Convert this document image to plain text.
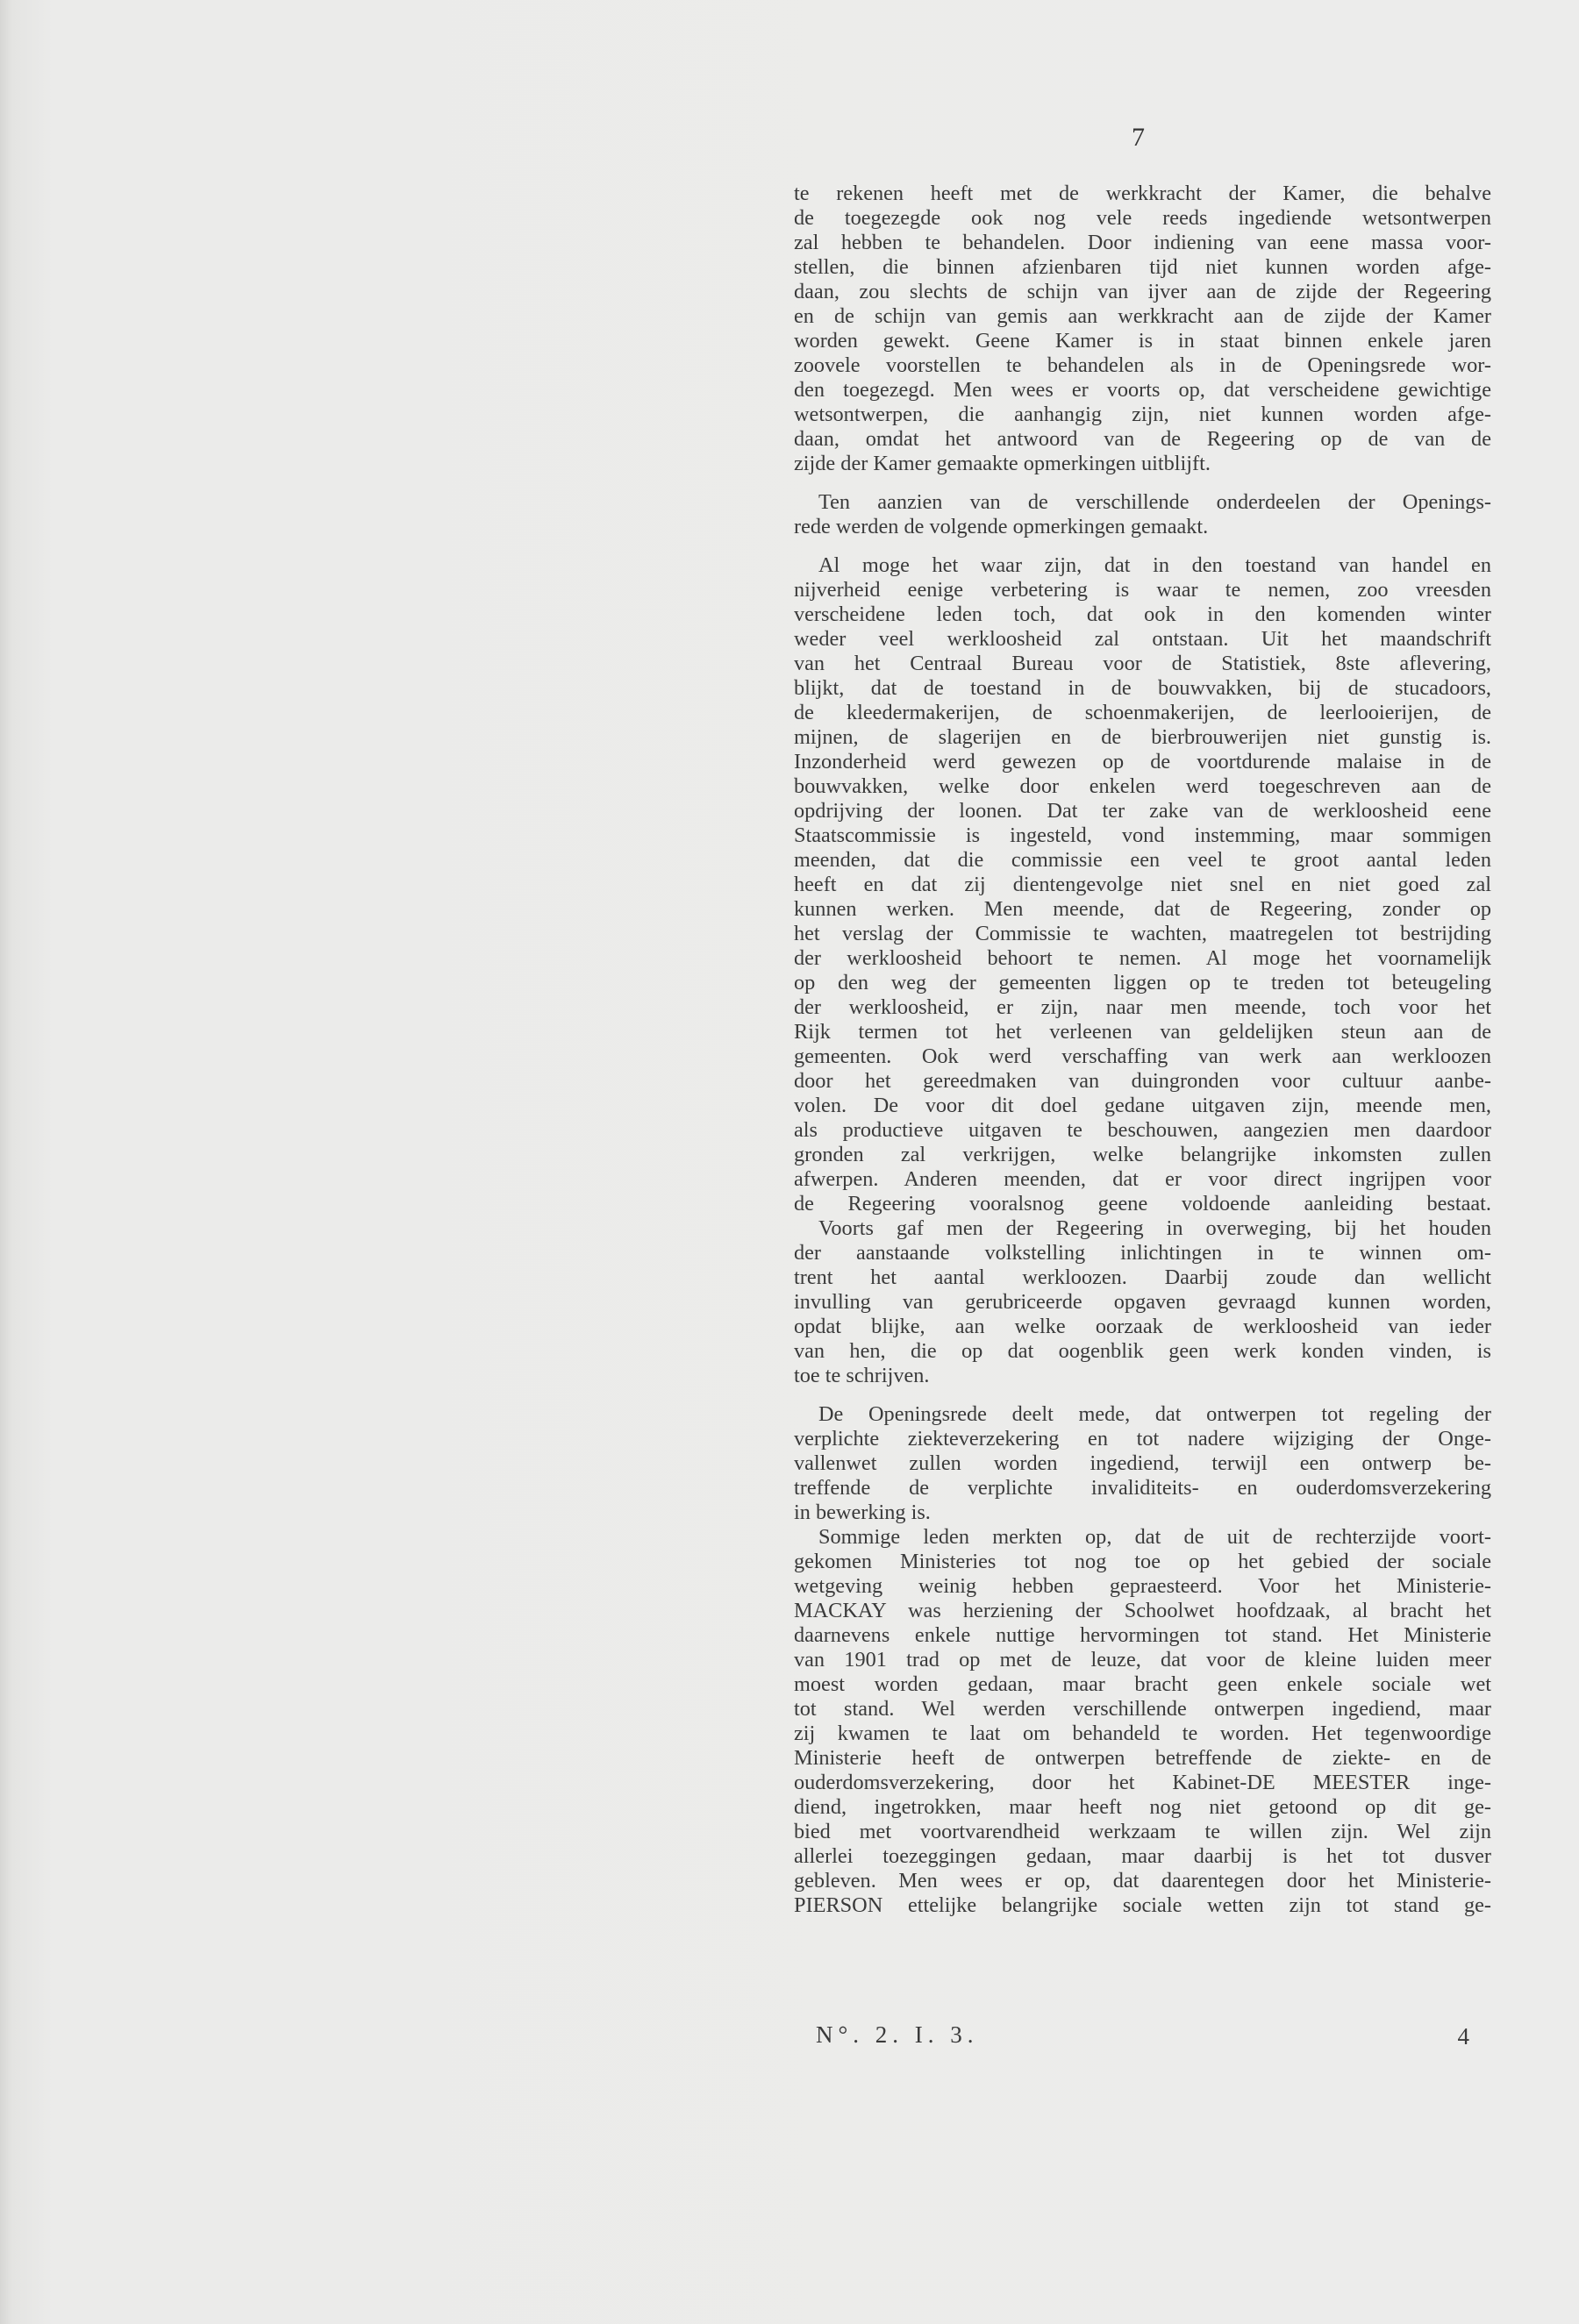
7

te rekenen heeft met de werkkracht der Kamer, die behalve

de toegezegde ook nog vele reeds ingediende wetsontwerpen

zal hebben te behandelen. Door indiening van eene massa voor-

stellen, die binnen afzienbaren tijd niet kunnen worden afge-

daan, zou slechts de schijn van ijver aan de zijde der Regeering

en de schijn van gemis aan werkkracht aan de zijde der Kamer

worden gewekt. Geene Kamer is in staat binnen enkele jaren

zoovele voorstellen te behandelen als in de Openingsrede wor-

den toegezegd. Men wees er voorts op, dat verscheidene gewichtige

wetsontwerpen, die aanhangig zijn, niet kunnen worden afge-

daan, omdat het antwoord van de Regeering op de van de

zijde der Kamer gemaakte opmerkingen uitblijft.

Ten aanzien van de verschillende onderdeelen der Openings-

rede werden de volgende opmerkingen gemaakt.

Al moge het waar zijn, dat in den toestand van handel en

nijverheid eenige verbetering is waar te nemen, zoo vreesden

verscheidene leden toch, dat ook in den komenden winter

weder veel werkloosheid zal ontstaan. Uit het maandschrift

van het Centraal Bureau voor de Statistiek, 8ste aflevering,

blijkt, dat de toestand in de bouwvakken, bij de stucadoors,

de kleedermakerijen, de schoenmakerijen, de leerlooierijen, de

mijnen, de slagerijen en de bierbrouwerijen niet gunstig is.

Inzonderheid werd gewezen op de voortdurende malaise in de

bouwvakken, welke door enkelen werd toegeschreven aan de

opdrijving der loonen. Dat ter zake van de werkloosheid eene

Staatscommissie is ingesteld, vond instemming, maar sommigen

meenden, dat die commissie een veel te groot aantal leden

heeft en dat zij dientengevolge niet snel en niet goed zal

kunnen werken. Men meende, dat de Regeering, zonder op

het verslag der Commissie te wachten, maatregelen tot bestrijding

der werkloosheid behoort te nemen. Al moge het voornamelijk

op den weg der gemeenten liggen op te treden tot beteugeling

der werkloosheid, er zijn, naar men meende, toch voor het

Rijk termen tot het verleenen van geldelijken steun aan de

gemeenten. Ook werd verschaffing van werk aan werkloozen

door het gereedmaken van duingronden voor cultuur aanbe-

volen. De voor dit doel gedane uitgaven zijn, meende men,

als productieve uitgaven te beschouwen, aangezien men daardoor

gronden zal verkrijgen, welke belangrijke inkomsten zullen

afwerpen. Anderen meenden, dat er voor direct ingrijpen voor

de Regeering vooralsnog geene voldoende aanleiding bestaat.

Voorts gaf men der Regeering in overweging, bij het houden

der aanstaande volkstelling inlichtingen in te winnen om-

trent het aantal werkloozen. Daarbij zoude dan wellicht

invulling van gerubriceerde opgaven gevraagd kunnen worden,

opdat blijke, aan welke oorzaak de werkloosheid van ieder

van hen, die op dat oogenblik geen werk konden vinden, is

toe te schrijven.

De Openingsrede deelt mede, dat ontwerpen tot regeling der

verplichte ziekteverzekering en tot nadere wijziging der Onge-

vallenwet zullen worden ingediend, terwijl een ontwerp be-

treffende de verplichte invaliditeits- en ouderdomsverzekering

in bewerking is.

Sommige leden merkten op, dat de uit de rechterzijde voort-

gekomen Ministeries tot nog toe op het gebied der sociale

wetgeving weinig hebben gepraesteerd. Voor het Ministerie-

MACKAY was herziening der Schoolwet hoofdzaak, al bracht het

daarnevens enkele nuttige hervormingen tot stand. Het Ministerie

van 1901 trad op met de leuze, dat voor de kleine luiden meer

moest worden gedaan, maar bracht geen enkele sociale wet

tot stand. Wel werden verschillende ontwerpen ingediend, maar

zij kwamen te laat om behandeld te worden. Het tegenwoordige

Ministerie heeft de ontwerpen betreffende de ziekte- en de

ouderdomsverzekering, door het Kabinet-DE MEESTER inge-

diend, ingetrokken, maar heeft nog niet getoond op dit ge-

bied met voortvarendheid werkzaam te willen zijn. Wel zijn

allerlei toezeggingen gedaan, maar daarbij is het tot dusver

gebleven. Men wees er op, dat daarentegen door het Ministerie-

PIERSON ettelijke belangrijke sociale wetten zijn tot stand ge-

N°. 2. I. 3.	4
